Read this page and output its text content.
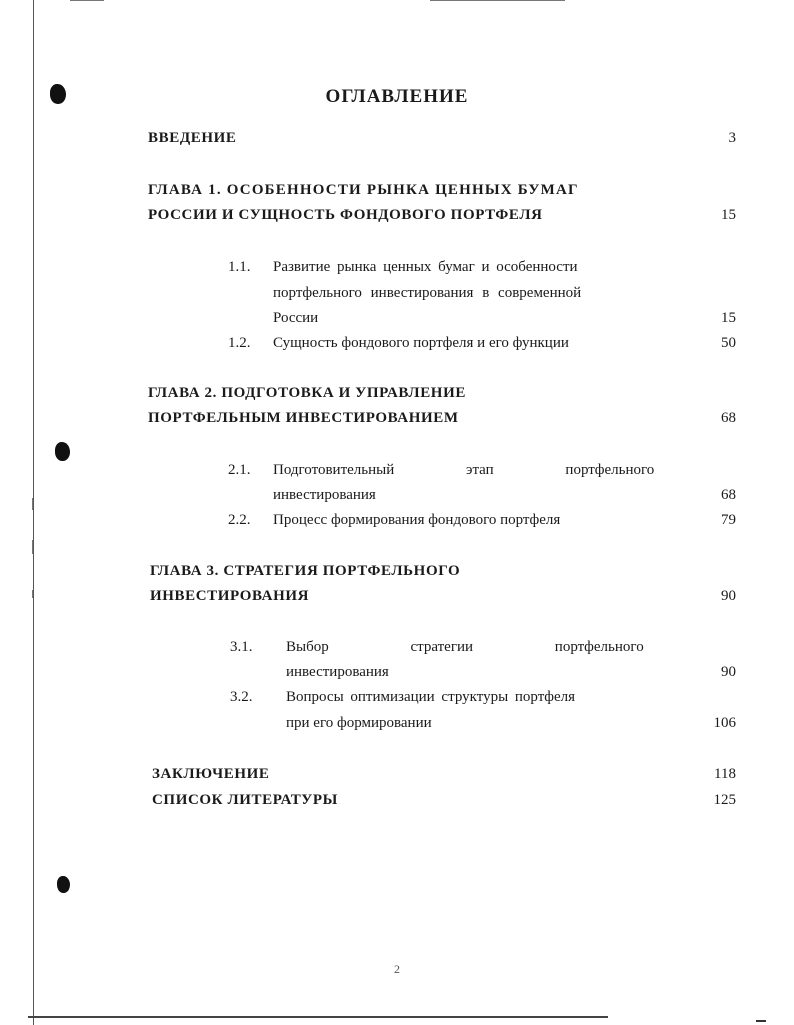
ОГЛАВЛЕНИЕ
ВВЕДЕНИЕ	3
ГЛАВА 1. ОСОБЕННОСТИ РЫНКА ЦЕННЫХ БУМАГ
РОССИИ И СУЩНОСТЬ ФОНДОВОГО ПОРТФЕЛЯ	15
1.1. Развитие рынка ценных бумаг и особенности
портфельного инвестирования в современной
России	15
1.2. Сущность фондового портфеля и его функции	50
ГЛАВА 2. ПОДГОТОВКА И УПРАВЛЕНИЕ
ПОРТФЕЛЬНЫМ ИНВЕСТИРОВАНИЕМ	68
2.1. Подготовительный этап портфельного
инвестирования	68
2.2. Процесс формирования фондового портфеля	79
ГЛАВА 3. СТРАТЕГИЯ ПОРТФЕЛЬНОГО
ИНВЕСТИРОВАНИЯ	90
3.1. Выбор стратегии портфельного
инвестирования	90
3.2. Вопросы оптимизации структуры портфеля
при его формировании	106
ЗАКЛЮЧЕНИЕ	118
СПИСОК ЛИТЕРАТУРЫ	125
2
